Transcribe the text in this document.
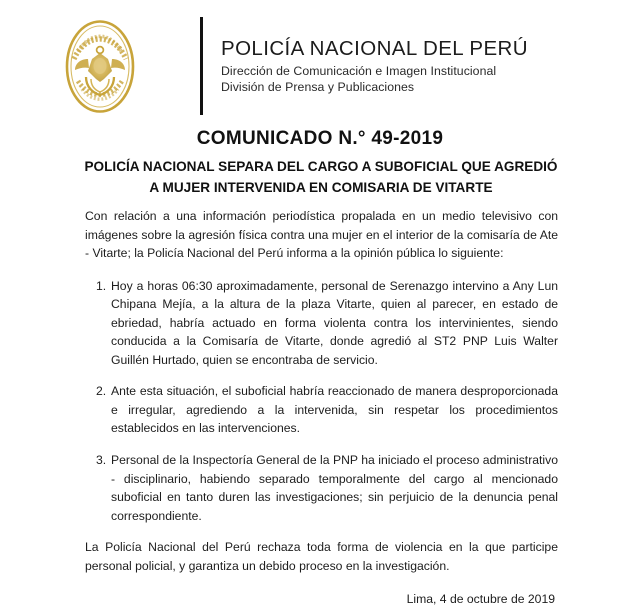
POLICÍA NACIONAL DEL PERÚ
Dirección de Comunicación e Imagen Institucional
División de Prensa y Publicaciones
COMUNICADO N.° 49-2019
POLICÍA NACIONAL SEPARA DEL CARGO A SUBOFICIAL QUE AGREDIÓ A MUJER INTERVENIDA EN COMISARIA DE VITARTE

Con relación a una información periodística propalada en un medio televisivo con imágenes sobre la agresión física contra una mujer en el interior de la comisaría de Ate - Vitarte; la Policía Nacional del Perú informa a la opinión pública lo siguiente:

1. Hoy a horas 06:30 aproximadamente, personal de Serenazgo intervino a Any Lun Chipana Mejía, a la altura de la plaza Vitarte, quien al parecer, en estado de ebriedad, habría actuado en forma violenta contra los intervinientes, siendo conducida a la Comisaría de Vitarte, donde agredió al ST2 PNP Luis Walter Guillén Hurtado, quien se encontraba de servicio.
2. Ante esta situación, el suboficial habría reaccionado de manera desproporcionada e irregular, agrediendo a la intervenida, sin respetar los procedimientos establecidos en las intervenciones.
3. Personal de la Inspectoría General de la PNP ha iniciado el proceso administrativo - disciplinario, habiendo separado temporalmente del cargo al mencionado suboficial en tanto duren las investigaciones; sin perjuicio de la denuncia penal correspondiente.

La Policía Nacional del Perú rechaza toda forma de violencia en la que participe personal policial, y garantiza un debido proceso en la investigación.

Lima, 4 de octubre de 2019
